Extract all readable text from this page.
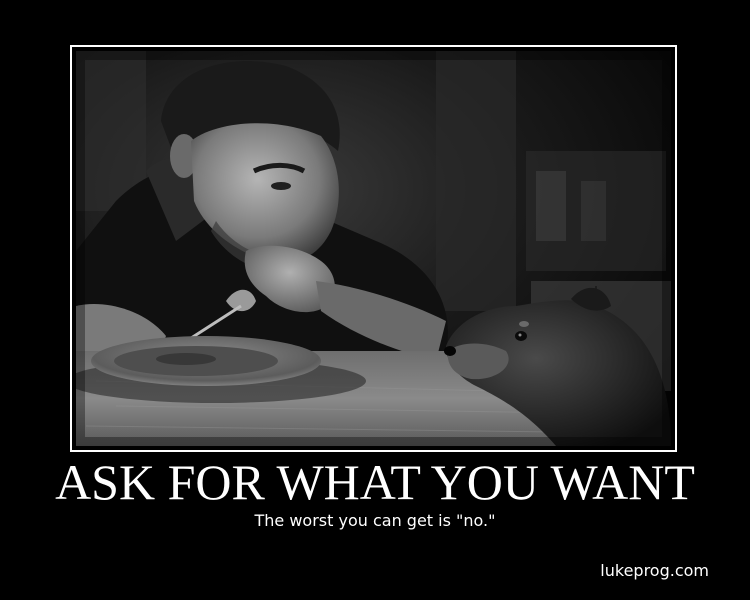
ASK FOR WHAT YOU WANT
The worst you can get is "no."
lukeprog.com
